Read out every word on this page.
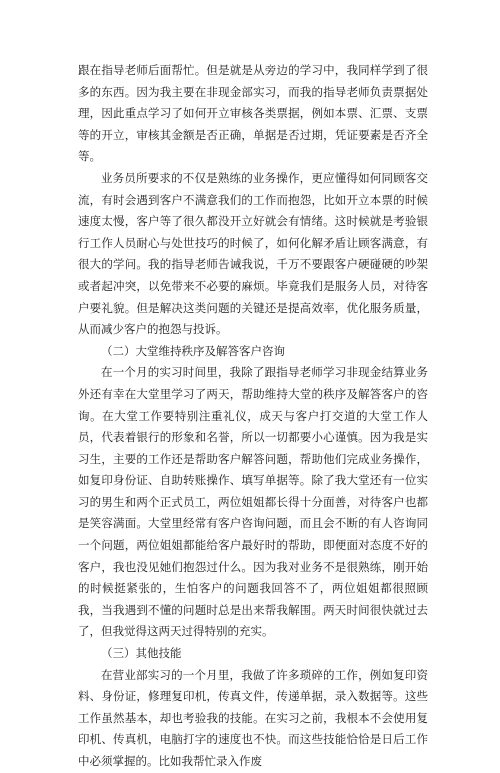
跟在指导老师后面帮忙。但是就是从旁边的学习中，我同样学到了很多的东西。因为我主要在非现金部实习，而我的指导老师负责票据处理，因此重点学习了如何开立审核各类票据，例如本票、汇票、支票等的开立，审核其金额是否正确，单据是否过期，凭证要素是否齐全等。

业务员所要求的不仅是熟练的业务操作，更应懂得如何同顾客交流，有时会遇到客户不满意我们的工作而抱怨，比如开立本票的时候速度太慢，客户等了很久都没开立好就会有情绪。这时候就是考验银行工作人员耐心与处世技巧的时候了，如何化解矛盾让顾客满意，有很大的学问。我的指导老师告诫我说，千万不要跟客户硬碰硬的吵架或者起冲突，以免带来不必要的麻烦。毕竟我们是服务人员，对待客户要礼貌。但是解决这类问题的关键还是提高效率，优化服务质量，从而减少客户的抱怨与投诉。

（二）大堂维持秩序及解答客户咨询

在一个月的实习时间里，我除了跟指导老师学习非现金结算业务外还有幸在大堂里学习了两天，帮助维持大堂的秩序及解答客户的咨询。在大堂工作要特别注重礼仪，成天与客户打交道的大堂工作人员，代表着银行的形象和名誉，所以一切都要小心谨慎。因为我是实习生，主要的工作还是帮助客户解答问题，帮助他们完成业务操作，如复印身份证、自助转账操作、填写单据等。除了我大堂还有一位实习的男生和两个正式员工，两位姐姐都长得十分面善，对待客户也都是笑容满面。大堂里经常有客户咨询问题，而且会不断的有人咨询同一个问题，两位姐姐都能给客户最好时的帮助，即便面对态度不好的客户，我也没见她们抱怨过什么。因为我对业务不是很熟练，刚开始的时候挺紧张的，生怕客户的问题我回答不了，两位姐姐都很照顾我，当我遇到不懂的问题时总是出来帮我解围。两天时间很快就过去了，但我觉得这两天过得特别的充实。

（三）其他技能

在营业部实习的一个月里，我做了许多琐碎的工作，例如复印资料、身份证，修理复印机，传真文件，传递单据，录入数据等。这些工作虽然基本，却也考验我的技能。在实习之前，我根本不会使用复印机、传真机，电脑打字的速度也不快。而这些技能恰恰是日后工作中必须掌握的。比如我帮忙录入作废
